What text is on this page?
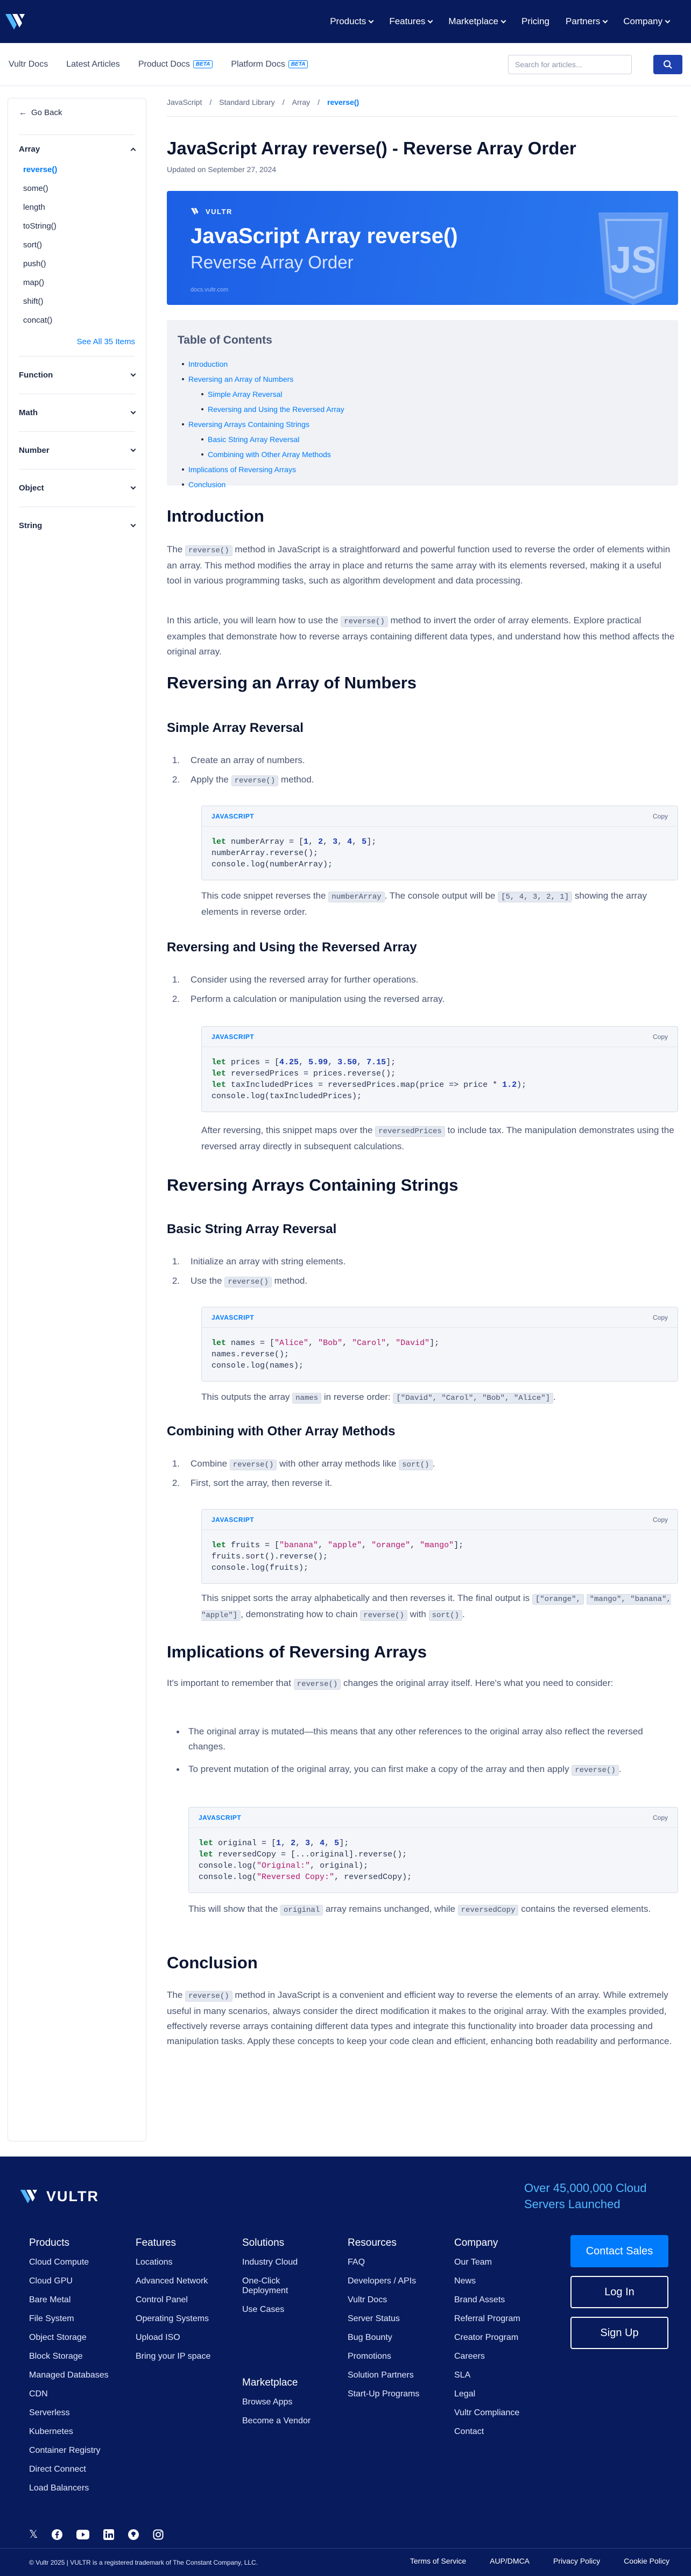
Products	Features	Marketplace	Pricing Partners	Company
Vultr Docs Latest Articles Product Docs	BETA	Platform Docs	BETA	Search for articles...
← Go Back
Array
reverse()
some()
length
toString()
sort()
push()
map()
shift()
concat()
See All 35 Items
Function
Math
Number
Object
String
JavaScript / Standard Library / Array / reverse()
JavaScript Array reverse() - Reverse Array Order
Updated on September 27, 2024
VULTR
JavaScript Array reverse()
Reverse Array Order
docs.vultr.com
JS
Table of Contents
Introduction
Reversing an Array of Numbers
Simple Array Reversal
Reversing and Using the Reversed Array
Reversing Arrays Containing Strings
Basic String Array Reversal
Combining with Other Array Methods
Implications of Reversing Arrays
Conclusion
Introduction

The reverse() method in JavaScript is a straightforward and powerful function used to reverse the order of elements within an array. This method modifies the array in place and returns the same array with its elements reversed, making it a useful tool in various programming tasks, such as algorithm development and data processing.

In this article, you will learn how to use the reverse() method to invert the order of array elements. Explore practical examples that demonstrate how to reverse arrays containing different data types, and understand how this method affects the original array.

Reversing an Array of Numbers
Simple Array Reversal
1. Create an array of numbers.
2. Apply the reverse() method.
JAVASCRIPT	Copy
let numberArray = [1, 2, 3, 4, 5];
numberArray.reverse();
console.log(numberArray);

This code snippet reverses the numberArray . The console output will be [5, 4, 3, 2, 1] showing the array elements in reverse order.

Reversing and Using the Reversed Array
1. Consider using the reversed array for further operations.
2. Perform a calculation or manipulation using the reversed array.
JAVASCRIPT	Copy
let prices = [4.25, 5.99, 3.50, 7.15];
let reversedPrices = prices.reverse();
let taxIncludedPrices = reversedPrices.map(price => price * 1.2);
console.log(taxIncludedPrices);

After reversing, this snippet maps over the reversedPrices to include tax. The manipulation demonstrates using the reversed array directly in subsequent calculations.

Reversing Arrays Containing Strings
Basic String Array Reversal
1. Initialize an array with string elements.
2. Use the reverse() method.
JAVASCRIPT	Copy
let names = ["Alice", "Bob", "Carol", "David"];
names.reverse();
console.log(names);

This outputs the array names in reverse order: ["David", "Carol", "Bob", "Alice"] .

Combining with Other Array Methods
1. Combine reverse() with other array methods like sort() .
2. First, sort the array, then reverse it.
JAVASCRIPT	Copy
let fruits = ["banana", "apple", "orange", "mango"];
fruits.sort().reverse();
console.log(fruits);

This snippet sorts the array alphabetically and then reverses it. The final output is ["orange", "mango", "banana", "apple"] , demonstrating how to chain reverse() with sort() .

Implications of Reversing Arrays

It's important to remember that reverse() changes the original array itself. Here's what you need to consider:

The original array is mutated—this means that any other references to the original array also reflect the reversed changes.
To prevent mutation of the original array, you can first make a copy of the array and then apply reverse() .
JAVASCRIPT	Copy
let original = [1, 2, 3, 4, 5];
let reversedCopy = [...original].reverse();
console.log("Original:", original);
console.log("Reversed Copy:", reversedCopy);

This will show that the original array remains unchanged, while reversedCopy contains the reversed elements.

Conclusion

The reverse() method in JavaScript is a convenient and efficient way to reverse the elements of an array. While extremely useful in many scenarios, always consider the direct modification it makes to the original array. With the examples provided, effectively reverse arrays containing different data types and integrate this functionality into broader data processing and manipulation tasks. Apply these concepts to keep your code clean and efficient, enhancing both readability and performance.

VULTR	Over 45,000,000 Cloud Servers Launched
Products
Cloud Compute
Cloud GPU
Bare Metal
File System
Object Storage
Block Storage
Managed Databases
CDN
Serverless
Kubernetes
Container Registry
Direct Connect
Load Balancers
Features
Locations
Advanced Network
Control Panel
Operating Systems
Upload ISO
Bring your IP space
Solutions
Industry Cloud
One-Click Deployment
Use Cases
Marketplace
Browse Apps
Become a Vendor
Resources
FAQ
Developers / APIs
Vultr Docs
Server Status
Bug Bounty
Promotions
Solution Partners
Start-Up Programs
Company
Our Team
News
Brand Assets
Referral Program
Creator Program
Careers
SLA
Legal
Vultr Compliance
Contact
Contact Sales
Log In
Sign Up
𝕏
© Vultr 2025 | VULTR is a registered trademark of The Constant Company, LLC.	Terms of Service	AUP/DMCA	Privacy Policy	Cookie Policy
